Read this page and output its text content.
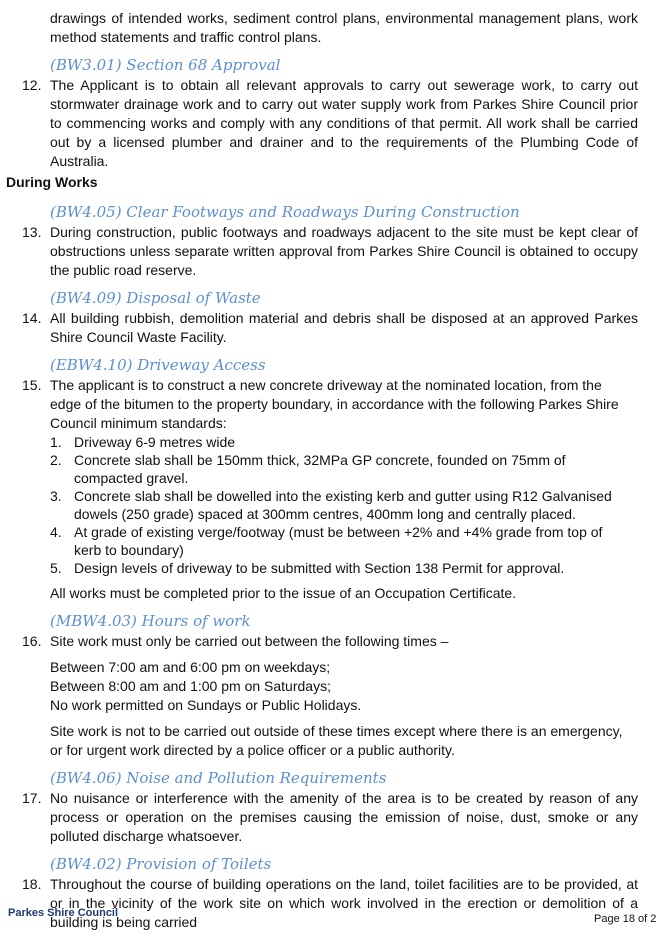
drawings of intended works, sediment control plans, environmental management plans, work method statements and traffic control plans.
(BW3.01) Section 68 Approval
12. The Applicant is to obtain all relevant approvals to carry out sewerage work, to carry out stormwater drainage work and to carry out water supply work from Parkes Shire Council prior to commencing works and comply with any conditions of that permit. All work shall be carried out by a licensed plumber and drainer and to the requirements of the Plumbing Code of Australia.
During Works
(BW4.05) Clear Footways and Roadways During Construction
13. During construction, public footways and roadways adjacent to the site must be kept clear of obstructions unless separate written approval from Parkes Shire Council is obtained to occupy the public road reserve.
(BW4.09) Disposal of Waste
14. All building rubbish, demolition material and debris shall be disposed at an approved Parkes Shire Council Waste Facility.
(EBW4.10) Driveway Access
15. The applicant is to construct a new concrete driveway at the nominated location, from the edge of the bitumen to the property boundary, in accordance with the following Parkes Shire Council minimum standards:
1. Driveway 6-9 metres wide
2. Concrete slab shall be 150mm thick, 32MPa GP concrete, founded on 75mm of compacted gravel.
3. Concrete slab shall be dowelled into the existing kerb and gutter using R12 Galvanised dowels (250 grade) spaced at 300mm centres, 400mm long and centrally placed.
4. At grade of existing verge/footway (must be between +2% and +4% grade from top of kerb to boundary)
5. Design levels of driveway to be submitted with Section 138 Permit for approval.
All works must be completed prior to the issue of an Occupation Certificate.
(MBW4.03) Hours of work
16. Site work must only be carried out between the following times –
Between 7:00 am and 6:00 pm on weekdays;
Between 8:00 am and 1:00 pm on Saturdays;
No work permitted on Sundays or Public Holidays.
Site work is not to be carried out outside of these times except where there is an emergency, or for urgent work directed by a police officer or a public authority.
(BW4.06) Noise and Pollution Requirements
17. No nuisance or interference with the amenity of the area is to be created by reason of any process or operation on the premises causing the emission of noise, dust, smoke or any polluted discharge whatsoever.
(BW4.02) Provision of Toilets
18. Throughout the course of building operations on the land, toilet facilities are to be provided, at or in the vicinity of the work site on which work involved in the erection or demolition of a building is being carried
Parkes Shire Council	Page 18 of 2
